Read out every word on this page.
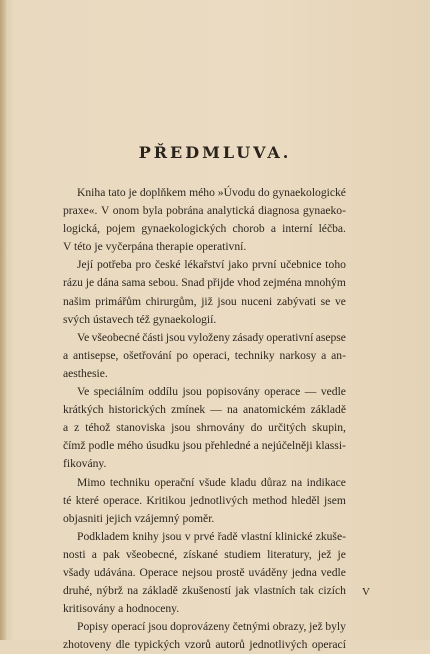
PŘEDMLUVA.
Kniha tato je doplňkem mého »Úvodu do gynaekologické
praxe«. V onom byla pobrána analytická diagnosa gynaeko-
logická, pojem gynaekologických chorob a interní léčba.
V této je vyčerpána therapie operativní.
Její potřeba pro české lékařství jako první učebnice toho
rázu je dána sama sebou. Snad přijde vhod zejména mnohým
našim primářům chirurgům, již jsou nuceni zabývati se ve
svých ústavech též gynaekologií.
Ve všeobecné části jsou vyloženy zásady operativní asepse
a antisepse, ošetřování po operaci, techniky narkosy a an-
aesthesie.
Ve speciálním oddílu jsou popisovány operace — vedle
krátkých historických zmínek — na anatomickém základě
a z téhož stanoviska jsou shrnovány do určitých skupin,
čímž podle mého úsudku jsou přehledné a nejúčelněji klassi-
fikovány.
Mimo techniku operační všude kladu důraz na indikace
té které operace. Kritikou jednotlivých method hleděl jsem
objasniti jejich vzájemný poměr.
Podkladem knihy jsou v prvé řadě vlastní klinické zkuše-
nosti a pak všeobecné, získané studiem literatury, jež je
všady udávána. Operace nejsou prostě uváděny jedna vedle
druhé, nýbrž na základě zkušeností jak vlastních tak cizích
kritisovány a hodnoceny.
Popisy operací jsou doprovázeny četnými obrazy, jež byly
zhotoveny dle typických vzorů autorů jednotlivých operací
V
